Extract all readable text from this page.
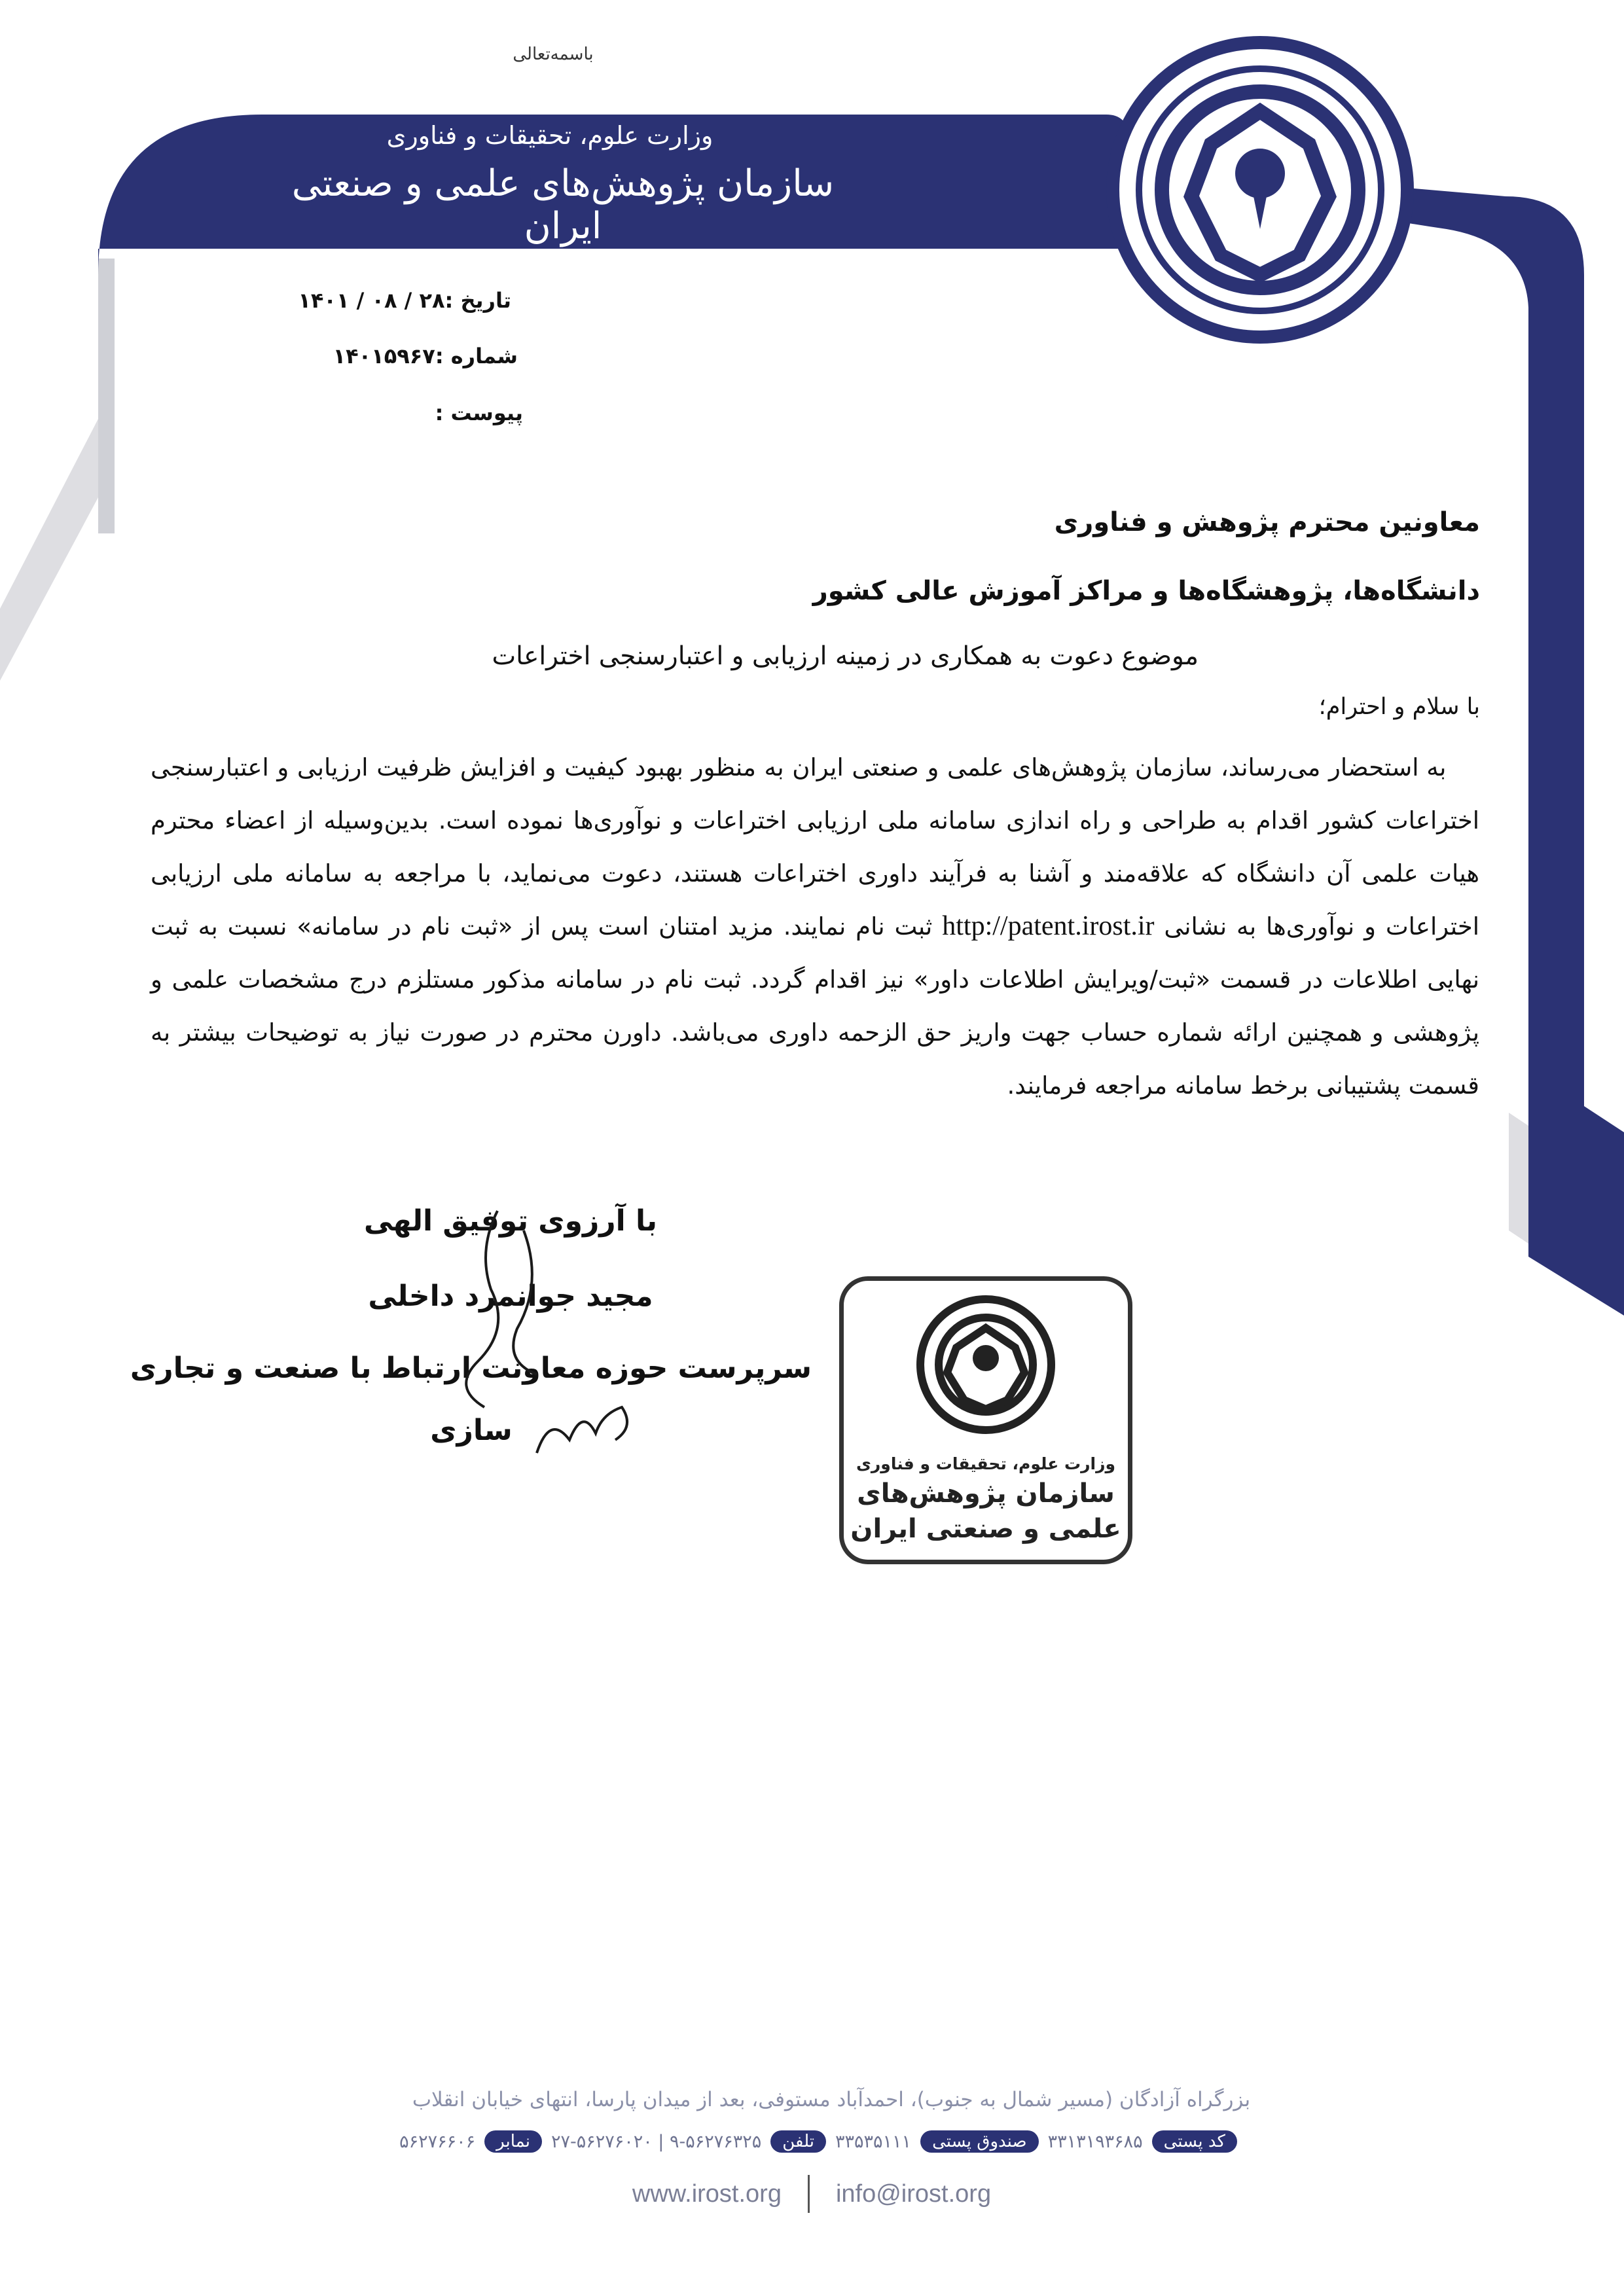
باسمه‌تعالی
وزارت علوم، تحقیقات و فناوری
سازمان پژوهش‌های علمی و صنعتی ایران
تاریخ :۲۸ / ۰۸ / ۱۴۰۱
شماره :۱۴۰۱۵۹۶۷
پیوست :
معاونین محترم پژوهش و فناوری
دانشگاه‌ها، پژوهشگاه‌ها و مراکز آموزش عالی کشور
موضوع دعوت به همکاری در زمینه ارزیابی و اعتبارسنجی اختراعات
با سلام و احترام؛
به استحضار می‌رساند، سازمان پژوهش‌های علمی و صنعتی ایران به منظور بهبود کیفیت و افزایش ظرفیت ارزیابی و اعتبارسنجی اختراعات کشور اقدام به طراحی و راه اندازی سامانه ملی ارزیابی اختراعات و نوآوری‌ها نموده است. بدین‌وسیله از اعضاء محترم هیات علمی آن دانشگاه که علاقه‌مند و آشنا به فرآیند داوری اختراعات هستند، دعوت می‌نماید، با مراجعه به سامانه ملی ارزیابی اختراعات و نوآوری‌ها به نشانی http://patent.irost.ir ثبت نام نمایند. مزید امتنان است پس از «ثبت نام در سامانه» نسبت به ثبت نهایی اطلاعات در قسمت «ثبت/ویرایش اطلاعات داور» نیز اقدام گردد. ثبت نام در سامانه مذکور مستلزم درج مشخصات علمی و پژوهشی و همچنین ارائه شماره حساب جهت واریز حق الزحمه داوری می‌باشد. داورن محترم در صورت نیاز به توضیحات بیشتر به قسمت پشتیبانی برخط سامانه مراجعه فرمایند.
با آرزوی توفیق الهی
مجید جوانمرد داخلی
سرپرست حوزه معاونت ارتباط با صنعت و تجاری
سازی
وزارت علوم، تحقیقات و فناوری
سازمان پژوهش‌های
علمی و صنعتی ایران
بزرگراه آزادگان (مسیر شمال به جنوب)، احمدآباد مستوفی، بعد از میدان پارسا، انتهای خیابان انقلاب
کد پستی
۳۳۱۳۱۹۳۶۸۵
صندوق پستی
۳۳۵۳۵۱۱۱
تلفن
۹-۵۶۲۷۶۳۲۵ | ۲۷-۵۶۲۷۶۰۲۰
نمابر
۵۶۲۷۶۶۰۶
www.irost.org info@irost.org
